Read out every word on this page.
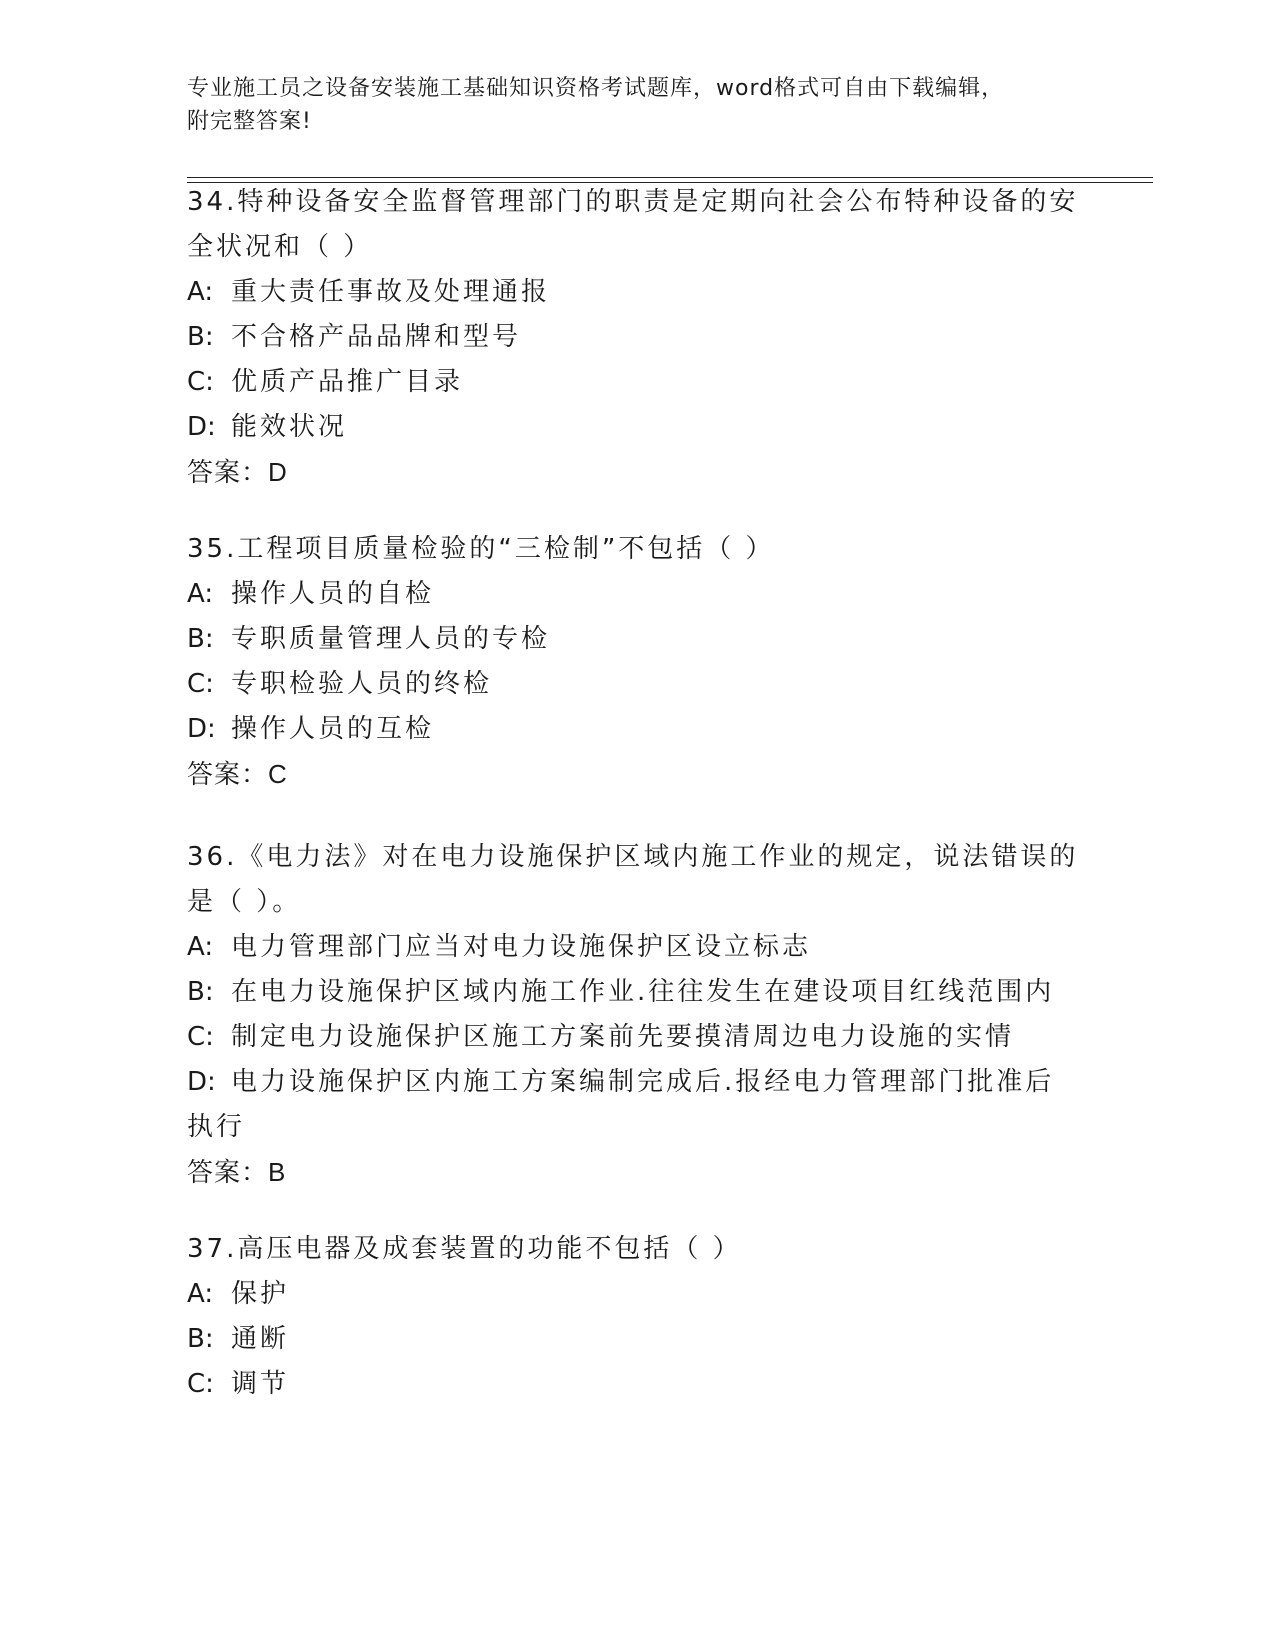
专业施工员之设备安装施工基础知识资格考试题库，word格式可自由下载编辑，
附完整答案!
34.特种设备安全监督管理部门的职责是定期向社会公布特种设备的安
全状况和（ ）
A: 重大责任事故及处理通报
B: 不合格产品品牌和型号
C: 优质产品推广目录
D: 能效状况
答案：D
35.工程项目质量检验的“三检制”不包括（ ）
A: 操作人员的自检
B: 专职质量管理人员的专检
C: 专职检验人员的终检
D: 操作人员的互检
答案：C
36.《电力法》对在电力设施保护区域内施工作业的规定，说法错误的
是（ ）。
A: 电力管理部门应当对电力设施保护区设立标志
B: 在电力设施保护区域内施工作业.往往发生在建设项目红线范围内
C: 制定电力设施保护区施工方案前先要摸清周边电力设施的实情
D: 电力设施保护区内施工方案编制完成后.报经电力管理部门批准后
执行
答案：B
37.高压电器及成套装置的功能不包括（ ）
A: 保护
B: 通断
C: 调节
